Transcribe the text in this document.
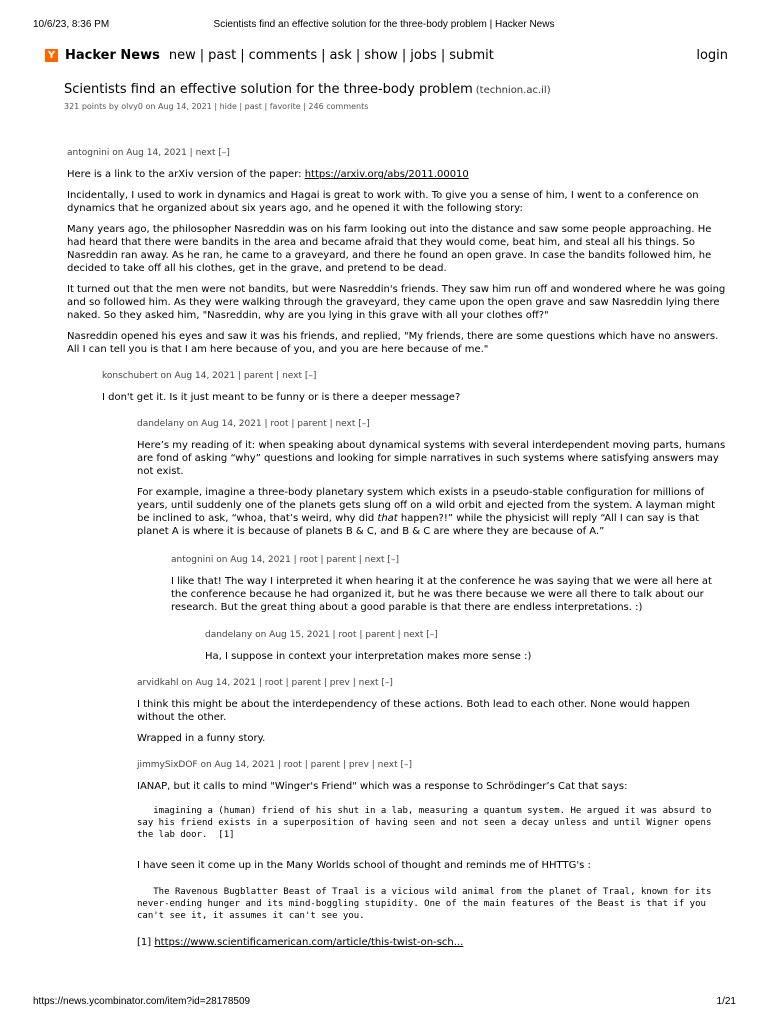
10/6/23, 8:36 PM	Scientists find an effective solution for the three-body problem | Hacker News
Y Hacker News new | past | comments | ask | show | jobs | submit	login
Scientists find an effective solution for the three-body problem (technion.ac.il)
321 points by olvy0 on Aug 14, 2021 | hide | past | favorite | 246 comments
antognini on Aug 14, 2021 | next [–]

Here is a link to the arXiv version of the paper: https://arxiv.org/abs/2011.00010

Incidentally, I used to work in dynamics and Hagai is great to work with. To give you a sense of him, I went to a conference on dynamics that he organized about six years ago, and he opened it with the following story:

Many years ago, the philosopher Nasreddin was on his farm looking out into the distance and saw some people approaching. He had heard that there were bandits in the area and became afraid that they would come, beat him, and steal all his things. So Nasreddin ran away. As he ran, he came to a graveyard, and there he found an open grave. In case the bandits followed him, he decided to take off all his clothes, get in the grave, and pretend to be dead.

It turned out that the men were not bandits, but were Nasreddin's friends. They saw him run off and wondered where he was going and so followed him. As they were walking through the graveyard, they came upon the open grave and saw Nasreddin lying there naked. So they asked him, "Nasreddin, why are you lying in this grave with all your clothes off?"

Nasreddin opened his eyes and saw it was his friends, and replied, "My friends, there are some questions which have no answers. All I can tell you is that I am here because of you, and you are here because of me."

konschubert on Aug 14, 2021 | parent | next [–]

I don't get it. Is it just meant to be funny or is there a deeper message?

dandelany on Aug 14, 2021 | root | parent | next [–]

Here’s my reading of it: when speaking about dynamical systems with several interdependent moving parts, humans are fond of asking “why” questions and looking for simple narratives in such systems where satisfying answers may not exist.

For example, imagine a three-body planetary system which exists in a pseudo-stable configuration for millions of years, until suddenly one of the planets gets slung off on a wild orbit and ejected from the system. A layman might be inclined to ask, “whoa, that’s weird, why did that happen?!” while the physicist will reply “All I can say is that planet A is where it is because of planets B & C, and B & C are where they are because of A.”

antognini on Aug 14, 2021 | root | parent | next [–]

I like that! The way I interpreted it when hearing it at the conference he was saying that we were all here at the conference because he had organized it, but he was there because we were all there to talk about our research. But the great thing about a good parable is that there are endless interpretations. :)

dandelany on Aug 15, 2021 | root | parent | next [–]

Ha, I suppose in context your interpretation makes more sense :)

arvidkahl on Aug 14, 2021 | root | parent | prev | next [–]

I think this might be about the interdependency of these actions. Both lead to each other. None would happen without the other.

Wrapped in a funny story.

jimmySixDOF on Aug 14, 2021 | root | parent | prev | next [–]

IANAP, but it calls to mind "Winger's Friend" which was a response to Schrödinger’s Cat that says:

imagining a (human) friend of his shut in a lab, measuring a quantum system. He argued it was absurd to say his friend exists in a superposition of having seen and not seen a decay unless and until Wigner opens the lab door.  [1]

I have seen it come up in the Many Worlds school of thought and reminds me of HHTTG's :

The Ravenous Bugblatter Beast of Traal is a vicious wild animal from the planet of Traal, known for its never-ending hunger and its mind-boggling stupidity. One of the main features of the Beast is that if you can't see it, it assumes it can't see you.

[1] https://www.scientificamerican.com/article/this-twist-on-sch...

https://news.ycombinator.com/item?id=28178509	1/21
